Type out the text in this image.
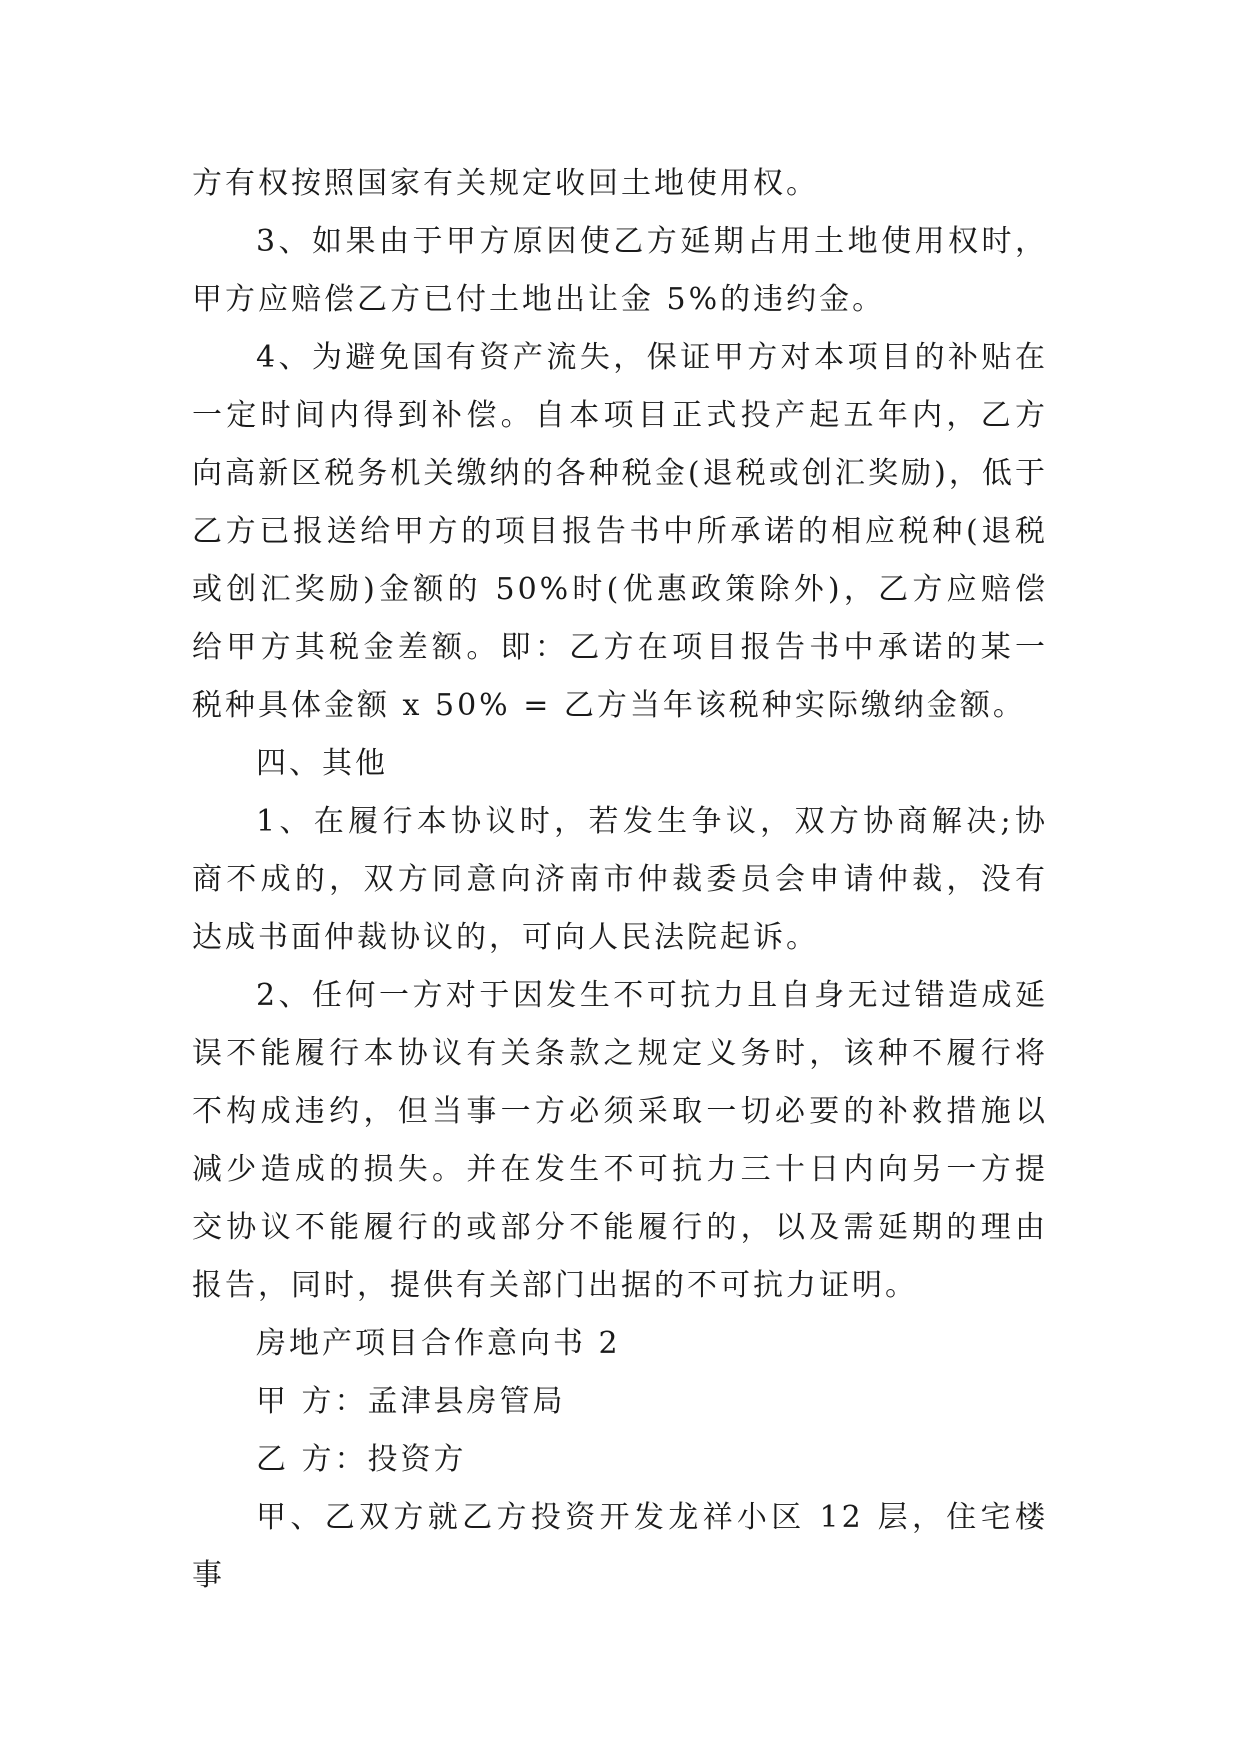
方有权按照国家有关规定收回土地使用权。

3、如果由于甲方原因使乙方延期占用土地使用权时，甲方应赔偿乙方已付土地出让金 5%的违约金。

4、为避免国有资产流失，保证甲方对本项目的补贴在一定时间内得到补偿。自本项目正式投产起五年内，乙方向高新区税务机关缴纳的各种税金(退税或创汇奖励)，低于乙方已报送给甲方的项目报告书中所承诺的相应税种(退税或创汇奖励)金额的 50%时(优惠政策除外)，乙方应赔偿给甲方其税金差额。即：乙方在项目报告书中承诺的某一税种具体金额 x 50% = 乙方当年该税种实际缴纳金额。

四、其他

1、在履行本协议时，若发生争议，双方协商解决;协商不成的，双方同意向济南市仲裁委员会申请仲裁，没有达成书面仲裁协议的，可向人民法院起诉。

2、任何一方对于因发生不可抗力且自身无过错造成延误不能履行本协议有关条款之规定义务时，该种不履行将不构成违约，但当事一方必须采取一切必要的补救措施以减少造成的损失。并在发生不可抗力三十日内向另一方提交协议不能履行的或部分不能履行的，以及需延期的理由报告，同时，提供有关部门出据的不可抗力证明。

房地产项目合作意向书 2

甲 方：孟津县房管局

乙 方：投资方

甲、乙双方就乙方投资开发龙祥小区 12 层，住宅楼事
